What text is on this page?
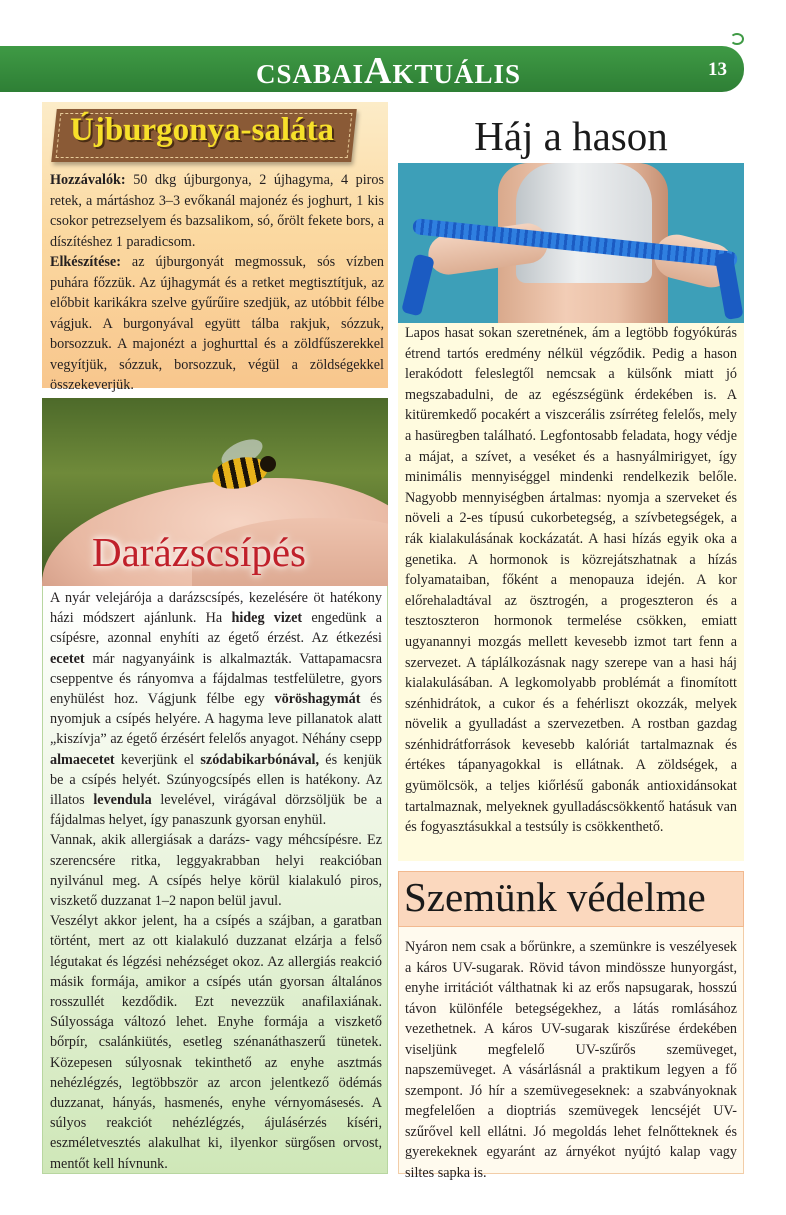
CSABAIAKTUÁLIS	13
Újburgonya-saláta
Hozzávalók: 50 dkg újburgonya, 2 újhagyma, 4 piros retek, a mártáshoz 3–3 evőkanál majonéz és joghurt, 1 kis csokor petrezselyem és bazsalikom, só, őrölt fekete bors, a díszítéshez 1 paradicsom.
Elkészítése: az újburgonyát megmossuk, sós vízben puhára főzzük. Az újhagymát és a retket megtisztítjuk, az előbbit karikákra szelve gyűrűire szedjük, az utóbbit félbe vágjuk. A burgonyával együtt tálba rakjuk, sózzuk, borsozzuk. A majonézt a joghurttal és a zöldfűszerekkel vegyítjük, sózzuk, borsozzuk, végül a zöldségekkel összekeverjük.
Darázscsípés
A nyár velejárója a darázscsípés, kezelésére öt hatékony házi módszert ajánlunk. Ha hideg vizet engedünk a csípésre, azonnal enyhíti az égető érzést. Az étkezési ecetet már nagyanyáink is alkalmazták. Vattapamacsra cseppentve és rányomva a fájdalmas testfelületre, gyors enyhülést hoz. Vágjunk félbe egy vöröshagymát és nyomjuk a csípés helyére. A hagyma leve pillanatok alatt „kiszívja” az égető érzésért felelős anyagot. Néhány csepp almaecetet keverjünk el szódabikarbónával, és kenjük be a csípés helyét. Szúnyogcsípés ellen is hatékony. Az illatos levendula levelével, virágával dörzsöljük be a fájdalmas helyet, így panaszunk gyorsan enyhül.
Vannak, akik allergiásak a darázs- vagy méhcsípésre. Ez szerencsére ritka, leggyakrabban helyi reakcióban nyilvánul meg. A csípés helye körül kialakuló piros, viszkető duzzanat 1–2 napon belül javul.
Veszélyt akkor jelent, ha a csípés a szájban, a garatban történt, mert az ott kialakuló duzzanat elzárja a felső légutakat és légzési nehézséget okoz. Az allergiás reakció másik formája, amikor a csípés után gyorsan általános rosszullét kezdődik. Ezt nevezzük anafilaxiának. Súlyossága változó lehet. Enyhe formája a viszkető bőrpír, csalánkiütés, esetleg szénanáthaszerű tünetek. Közepesen súlyosnak tekinthető az enyhe asztmás nehézlégzés, legtöbbször az arcon jelentkező ödémás duzzanat, hányás, hasmenés, enyhe vérnyomásesés. A súlyos reakciót nehézlégzés, ájulásérzés kíséri, eszméletvesztés alakulhat ki, ilyenkor sürgősen orvost, mentőt kell hívnunk.
Háj a hason
Lapos hasat sokan szeretnének, ám a legtöbb fogyókúrás étrend tartós eredmény nélkül végződik. Pedig a hason lerakódott feleslegtől nemcsak a külsőnk miatt jó megszabadulni, de az egészségünk érdekében is. A kitüremkedő pocakért a viszcerális zsírréteg felelős, mely a hasüregben található. Legfontosabb feladata, hogy védje a májat, a szívet, a veséket és a hasnyálmirigyet, így minimális mennyiséggel mindenki rendelkezik belőle. Nagyobb mennyiségben ártalmas: nyomja a szerveket és növeli a 2-es típusú cukorbetegség, a szívbetegségek, a rák kialakulásának kockázatát. A hasi hízás egyik oka a genetika. A hormonok is közrejátszhatnak a hízás folyamataiban, főként a menopauza idején. A kor előrehaladtával az ösztrogén, a progeszteron és a tesztoszteron hormonok termelése csökken, emiatt ugyanannyi mozgás mellett kevesebb izmot tart fenn a szervezet. A táplálkozásnak nagy szerepe van a hasi háj kialakulásában. A legkomolyabb problémát a finomított szénhidrátok, a cukor és a fehérliszt okozzák, melyek növelik a gyulladást a szervezetben. A rostban gazdag szénhidrátforrások kevesebb kalóriát tartalmaznak és értékes tápanyagokkal is ellátnak. A zöldségek, a gyümölcsök, a teljes kiőrlésű gabonák antioxidánsokat tartalmaznak, melyeknek gyulladáscsökkentő hatásuk van és fogyasztásukkal a testsúly is csökkenthető.
Szemünk védelme
Nyáron nem csak a bőrünkre, a szemünkre is veszélyesek a káros UV-sugarak. Rövid távon mindössze hunyorgást, enyhe irritációt válthatnak ki az erős napsugarak, hosszú távon különféle betegségekhez, a látás romlásához vezethetnek. A káros UV-sugarak kiszűrése érdekében viseljünk megfelelő UV-szűrős szemüveget, napszemüveget. A vásárlásnál a praktikum legyen a fő szempont. Jó hír a szemüvegeseknek: a szabványoknak megfelelően a dioptriás szemüvegek lencséjét UV-szűrővel kell ellátni. Jó megoldás lehet felnőtteknek és gyerekeknek egyaránt az árnyékot nyújtó kalap vagy siltes sapka is.
